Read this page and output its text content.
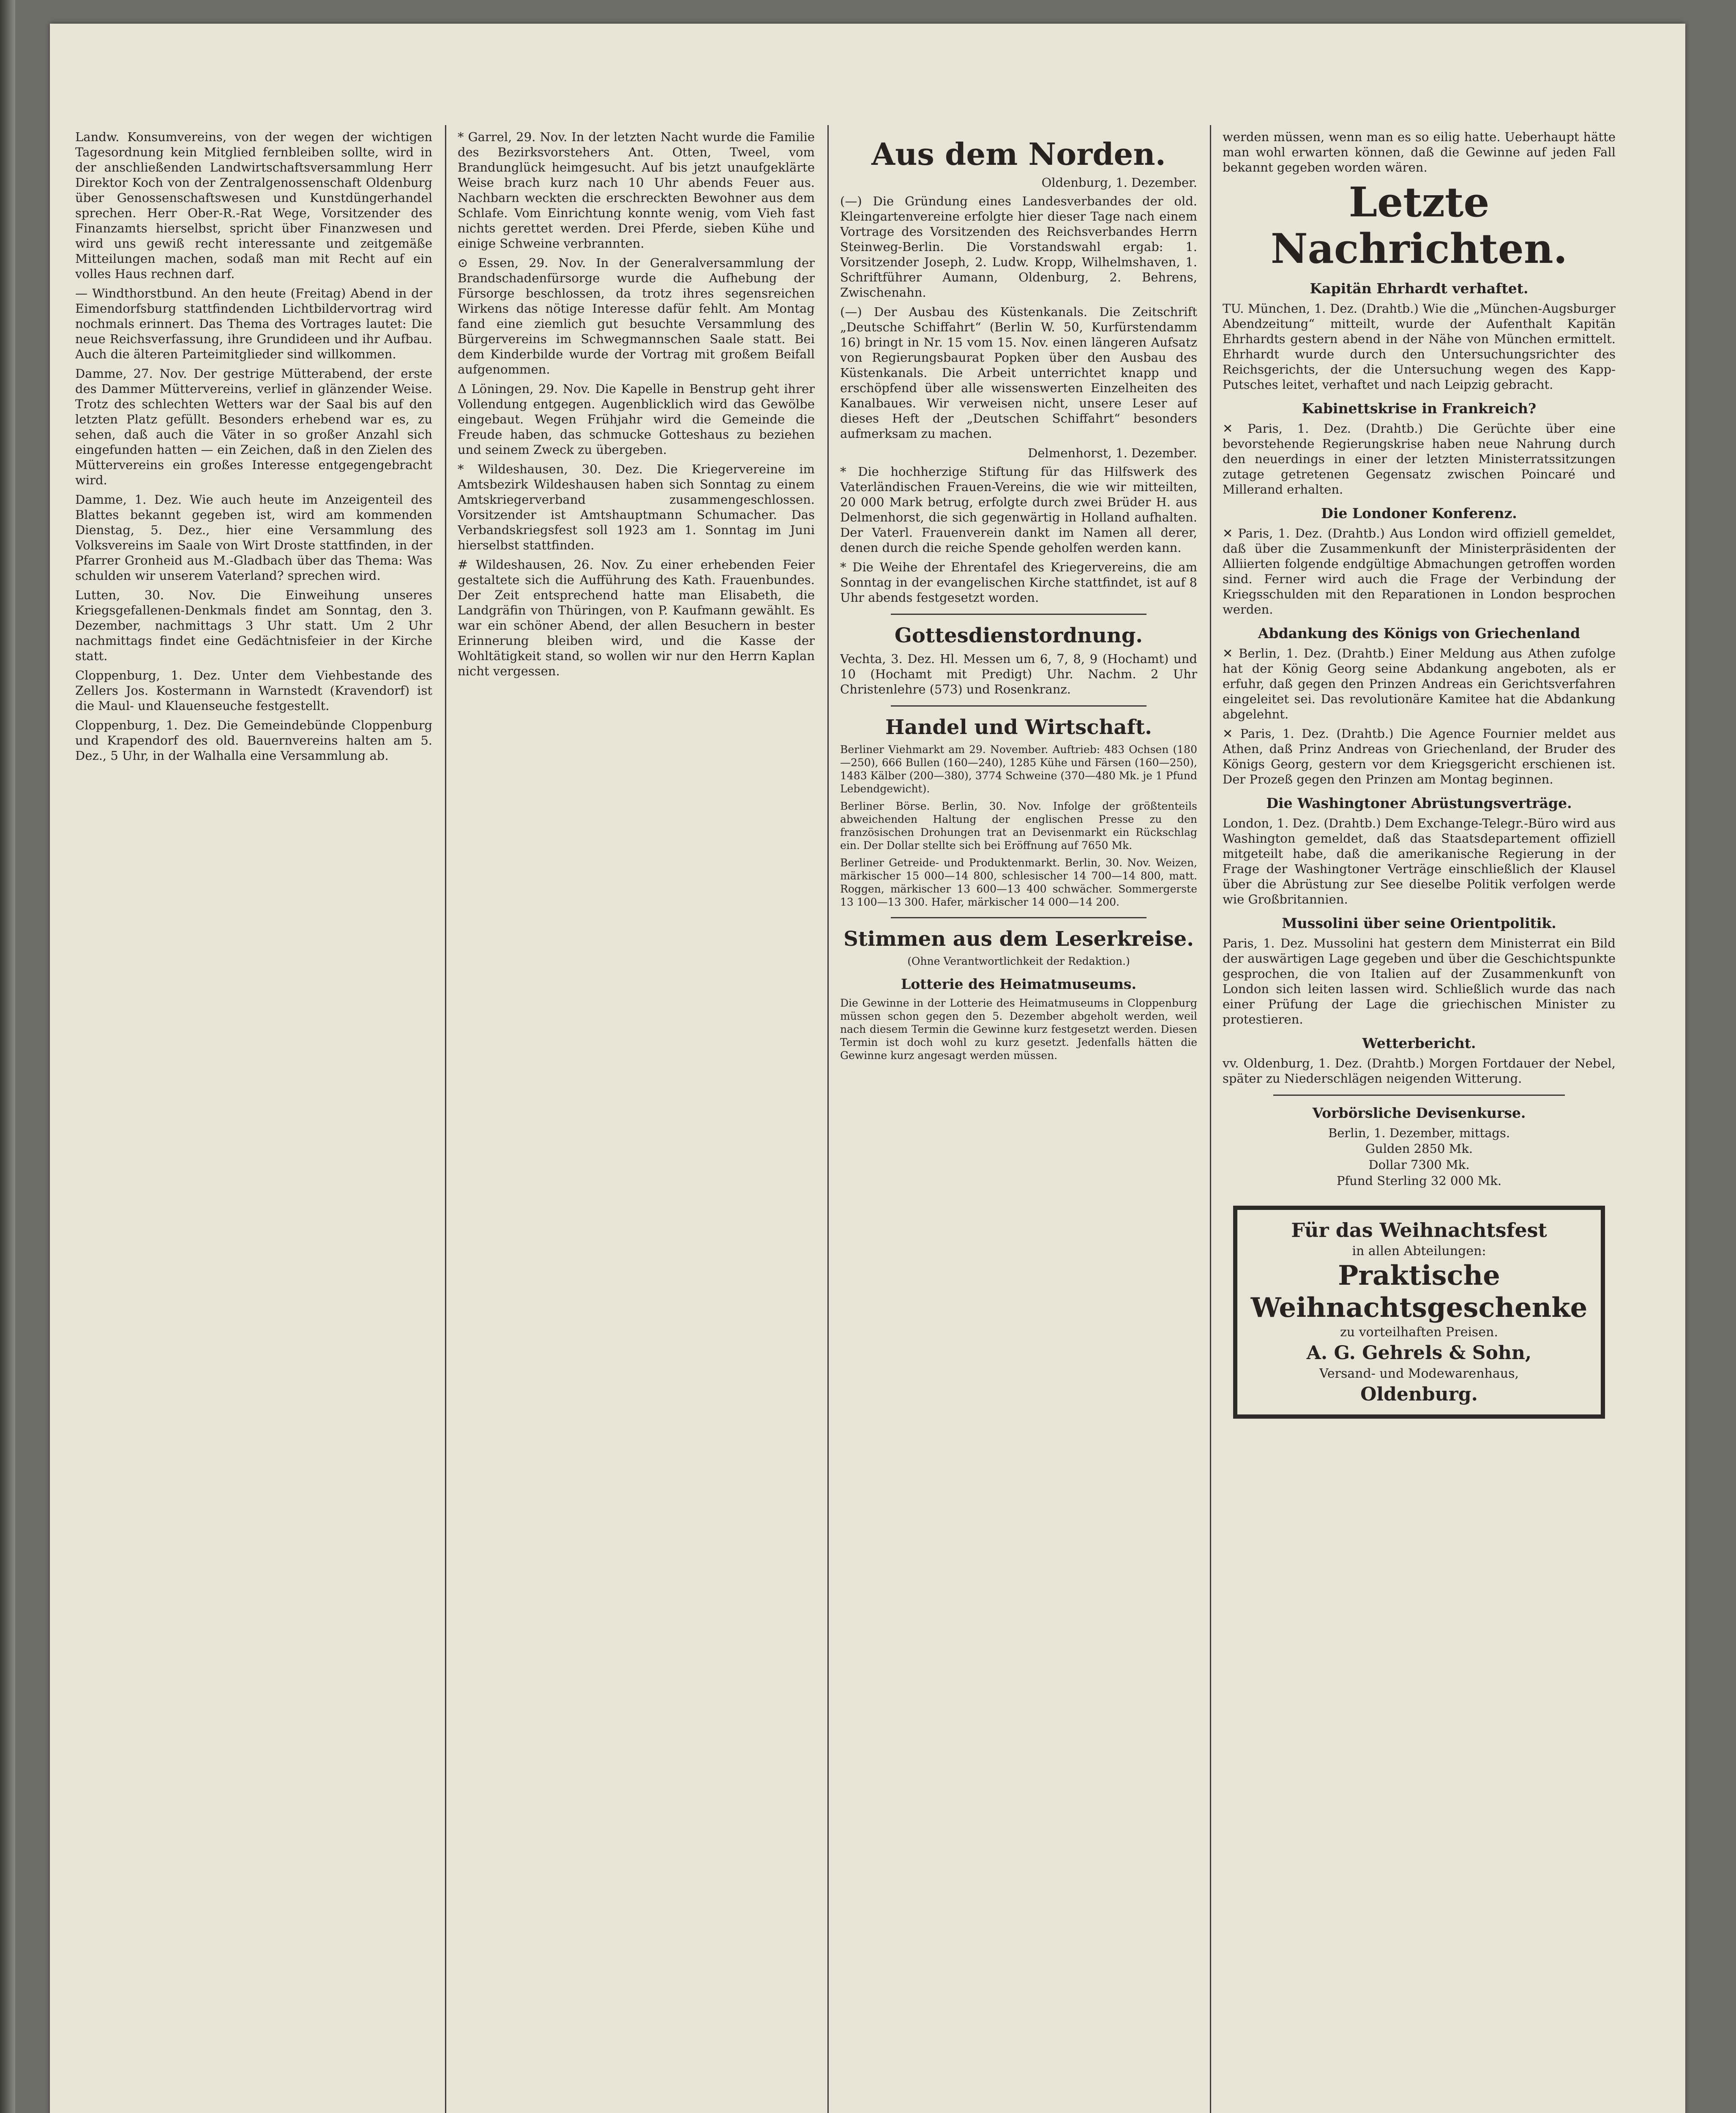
Landw. Konsumvereins, von der wegen der wichtigen Tagesordnung kein Mitglied fernbleiben sollte, wird in der anschließenden Landwirtschaftsversammlung Herr Direktor Koch von der Zentralgenossenschaft Oldenburg über Genossenschaftswesen und Kunstdüngerhandel sprechen. Herr Ober-R.-Rat Wege, Vorsitzender des Finanzamts hierselbst, spricht über Finanzwesen und wird uns gewiß recht interessante und zeitgemäße Mitteilungen machen, sodaß man mit Recht auf ein volles Haus rechnen darf.

— Windthorstbund. An den heute (Freitag) Abend in der Eimendorfsburg stattfindenden Lichtbildervortrag wird nochmals erinnert. Das Thema des Vortrages lautet: Die neue Reichsverfassung, ihre Grundideen und ihr Aufbau. Auch die älteren Parteimitglieder sind willkommen.

Damme, 27. Nov. Der gestrige Mütterabend, der erste des Dammer Müttervereins, verlief in glänzender Weise. Trotz des schlechten Wetters war der Saal bis auf den letzten Platz gefüllt. Besonders erhebend war es, zu sehen, daß auch die Väter in so großer Anzahl sich eingefunden hatten — ein Zeichen, daß in den Zielen des Müttervereins ein großes Interesse entgegengebracht wird.

Damme, 1. Dez. Wie auch heute im Anzeigenteil des Blattes bekannt gegeben ist, wird am kommenden Dienstag, 5. Dez., hier eine Versammlung des Volksvereins im Saale von Wirt Droste stattfinden, in der Pfarrer Gronheid aus M.-Gladbach über das Thema: Was schulden wir unserem Vaterland? sprechen wird.

Lutten, 30. Nov. Die Einweihung unseres Kriegsgefallenen-Denkmals findet am Sonntag, den 3. Dezember, nachmittags 3 Uhr statt. Um 2 Uhr nachmittags findet eine Gedächtnisfeier in der Kirche statt.

Cloppenburg, 1. Dez. Unter dem Viehbestande des Zellers Jos. Kostermann in Warnstedt (Kravendorf) ist die Maul- und Klauenseuche festgestellt.

Cloppenburg, 1. Dez. Die Gemeindebünde Cloppenburg und Krapendorf des old. Bauernvereins halten am 5. Dez., 5 Uhr, in der Walhalla eine Versammlung ab.

* Garrel, 29. Nov. In der letzten Nacht wurde die Familie des Bezirksvorstehers Ant. Otten, Tweel, vom Brandunglück heimgesucht. Auf bis jetzt unaufgeklärte Weise brach kurz nach 10 Uhr abends Feuer aus. Nachbarn weckten die erschreckten Bewohner aus dem Schlafe. Vom Einrichtung konnte wenig, vom Vieh fast nichts gerettet werden. Drei Pferde, sieben Kühe und einige Schweine verbrannten.

⊙ Essen, 29. Nov. In der Generalversammlung der Brandschadenfürsorge wurde die Aufhebung der Fürsorge beschlossen, da trotz ihres segensreichen Wirkens das nötige Interesse dafür fehlt. Am Montag fand eine ziemlich gut besuchte Versammlung des Bürgervereins im Schwegmannschen Saale statt. Bei dem Kinderbilde wurde der Vortrag mit großem Beifall aufgenommen.

Δ Löningen, 29. Nov. Die Kapelle in Benstrup geht ihrer Vollendung entgegen. Augenblicklich wird das Gewölbe eingebaut. Wegen Frühjahr wird die Gemeinde die Freude haben, das schmucke Gotteshaus zu beziehen und seinem Zweck zu übergeben.

* Wildeshausen, 30. Dez. Die Kriegervereine im Amtsbezirk Wildeshausen haben sich Sonntag zu einem Amtskriegerverband zusammengeschlossen. Vorsitzender ist Amtshauptmann Schumacher. Das Verbandskriegsfest soll 1923 am 1. Sonntag im Juni hierselbst stattfinden.

# Wildeshausen, 26. Nov. Zu einer erhebenden Feier gestaltete sich die Aufführung des Kath. Frauenbundes. Der Zeit entsprechend hatte man Elisabeth, die Landgräfin von Thüringen, von P. Kaufmann gewählt. Es war ein schöner Abend, der allen Besuchern in bester Erinnerung bleiben wird, und die Kasse der Wohltätigkeit stand, so wollen wir nur den Herrn Kaplan nicht vergessen.

Aus dem Norden.
Oldenburg, 1. Dezember.

(—) Die Gründung eines Landesverbandes der old. Kleingartenvereine erfolgte hier dieser Tage nach einem Vortrage des Vorsitzenden des Reichsverbandes Herrn Steinweg-Berlin. Die Vorstandswahl ergab: 1. Vorsitzender Joseph, 2. Ludw. Kropp, Wilhelmshaven, 1. Schriftführer Aumann, Oldenburg, 2. Behrens, Zwischenahn.

(—) Der Ausbau des Küstenkanals. Die Zeitschrift „Deutsche Schiffahrt“ (Berlin W. 50, Kurfürstendamm 16) bringt in Nr. 15 vom 15. Nov. einen längeren Aufsatz von Regierungsbaurat Popken über den Ausbau des Küstenkanals. Die Arbeit unterrichtet knapp und erschöpfend über alle wissenswerten Einzelheiten des Kanalbaues. Wir verweisen nicht, unsere Leser auf dieses Heft der „Deutschen Schiffahrt“ besonders aufmerksam zu machen.

Delmenhorst, 1. Dezember.

* Die hochherzige Stiftung für das Hilfswerk des Vaterländischen Frauen-Vereins, die wie wir mitteilten, 20 000 Mark betrug, erfolgte durch zwei Brüder H. aus Delmenhorst, die sich gegenwärtig in Holland aufhalten. Der Vaterl. Frauenverein dankt im Namen all derer, denen durch die reiche Spende geholfen werden kann.

* Die Weihe der Ehrentafel des Kriegervereins, die am Sonntag in der evangelischen Kirche stattfindet, ist auf 8 Uhr abends festgesetzt worden.

Gottesdienstordnung.

Vechta, 3. Dez. Hl. Messen um 6, 7, 8, 9 (Hochamt) und 10 (Hochamt mit Predigt) Uhr. Nachm. 2 Uhr Christenlehre (573) und Rosenkranz.

Handel und Wirtschaft.

Berliner Viehmarkt am 29. November. Auftrieb: 483 Ochsen (180—250), 666 Bullen (160—240), 1285 Kühe und Färsen (160—250), 1483 Kälber (200—380), 3774 Schweine (370—480 Mk. je 1 Pfund Lebendgewicht).

Berliner Börse. Berlin, 30. Nov. Infolge der größtenteils abweichenden Haltung der englischen Presse zu den französischen Drohungen trat an Devisenmarkt ein Rückschlag ein. Der Dollar stellte sich bei Eröffnung auf 7650 Mk.

Berliner Getreide- und Produktenmarkt. Berlin, 30. Nov. Weizen, märkischer 15 000—14 800, schlesischer 14 700—14 800, matt. Roggen, märkischer 13 600—13 400 schwächer. Sommergerste 13 100—13 300. Hafer, märkischer 14 000—14 200.

Stimmen aus dem Leserkreise.
(Ohne Verantwortlichkeit der Redaktion.)
Lotterie des Heimatmuseums.

Die Gewinne in der Lotterie des Heimatmuseums in Cloppenburg müssen schon gegen den 5. Dezember abgeholt werden, weil nach diesem Termin die Gewinne kurz festgesetzt werden. Diesen Termin ist doch wohl zu kurz gesetzt. Jedenfalls hätten die Gewinne kurz angesagt werden müssen.

werden müssen, wenn man es so eilig hatte. Ueberhaupt hätte man wohl erwarten können, daß die Gewinne auf jeden Fall bekannt gegeben worden wären.

Letzte Nachrichten.
Kapitän Ehrhardt verhaftet.

TU. München, 1. Dez. (Drahtb.) Wie die „München-Augsburger Abendzeitung“ mitteilt, wurde der Aufenthalt Kapitän Ehrhardts gestern abend in der Nähe von München ermittelt. Ehrhardt wurde durch den Untersuchungsrichter des Reichsgerichts, der die Untersuchung wegen des Kapp-Putsches leitet, verhaftet und nach Leipzig gebracht.

Kabinettskrise in Frankreich?

✕ Paris, 1. Dez. (Drahtb.) Die Gerüchte über eine bevorstehende Regierungskrise haben neue Nahrung durch den neuerdings in einer der letzten Ministerratssitzungen zutage getretenen Gegensatz zwischen Poincaré und Millerand erhalten.

Die Londoner Konferenz.

✕ Paris, 1. Dez. (Drahtb.) Aus London wird offiziell gemeldet, daß über die Zusammenkunft der Ministerpräsidenten der Alliierten folgende endgültige Abmachungen getroffen worden sind. Ferner wird auch die Frage der Verbindung der Kriegsschulden mit den Reparationen in London besprochen werden.

Abdankung des Königs von Griechenland

✕ Berlin, 1. Dez. (Drahtb.) Einer Meldung aus Athen zufolge hat der König Georg seine Abdankung angeboten, als er erfuhr, daß gegen den Prinzen Andreas ein Gerichtsverfahren eingeleitet sei. Das revolutionäre Kamitee hat die Abdankung abgelehnt.

✕ Paris, 1. Dez. (Drahtb.) Die Agence Fournier meldet aus Athen, daß Prinz Andreas von Griechenland, der Bruder des Königs Georg, gestern vor dem Kriegsgericht erschienen ist. Der Prozeß gegen den Prinzen am Montag beginnen.

Die Washingtoner Abrüstungsverträge.

London, 1. Dez. (Drahtb.) Dem Exchange-Telegr.-Büro wird aus Washington gemeldet, daß das Staatsdepartement offiziell mitgeteilt habe, daß die amerikanische Regierung in der Frage der Washingtoner Verträge einschließlich der Klausel über die Abrüstung zur See dieselbe Politik verfolgen werde wie Großbritannien.

Mussolini über seine Orientpolitik.

Paris, 1. Dez. Mussolini hat gestern dem Ministerrat ein Bild der auswärtigen Lage gegeben und über die Geschichtspunkte gesprochen, die von Italien auf der Zusammenkunft von London sich leiten lassen wird. Schließlich wurde das nach einer Prüfung der Lage die griechischen Minister zu protestieren.

Wetterbericht.

vv. Oldenburg, 1. Dez. (Drahtb.) Morgen Fortdauer der Nebel, später zu Niederschlägen neigenden Witterung.

Vorbörsliche Devisenkurse.
Berlin, 1. Dezember, mittags.
Gulden 2850 Mk.
Dollar 7300 Mk.
Pfund Sterling 32 000 Mk.
Für das Weihnachtsfest
in allen Abteilungen:
Praktische
Weihnachtsgeschenke
zu vorteilhaften Preisen.
A. G. Gehrels & Sohn,
Versand- und Modewarenhaus,
Oldenburg.
